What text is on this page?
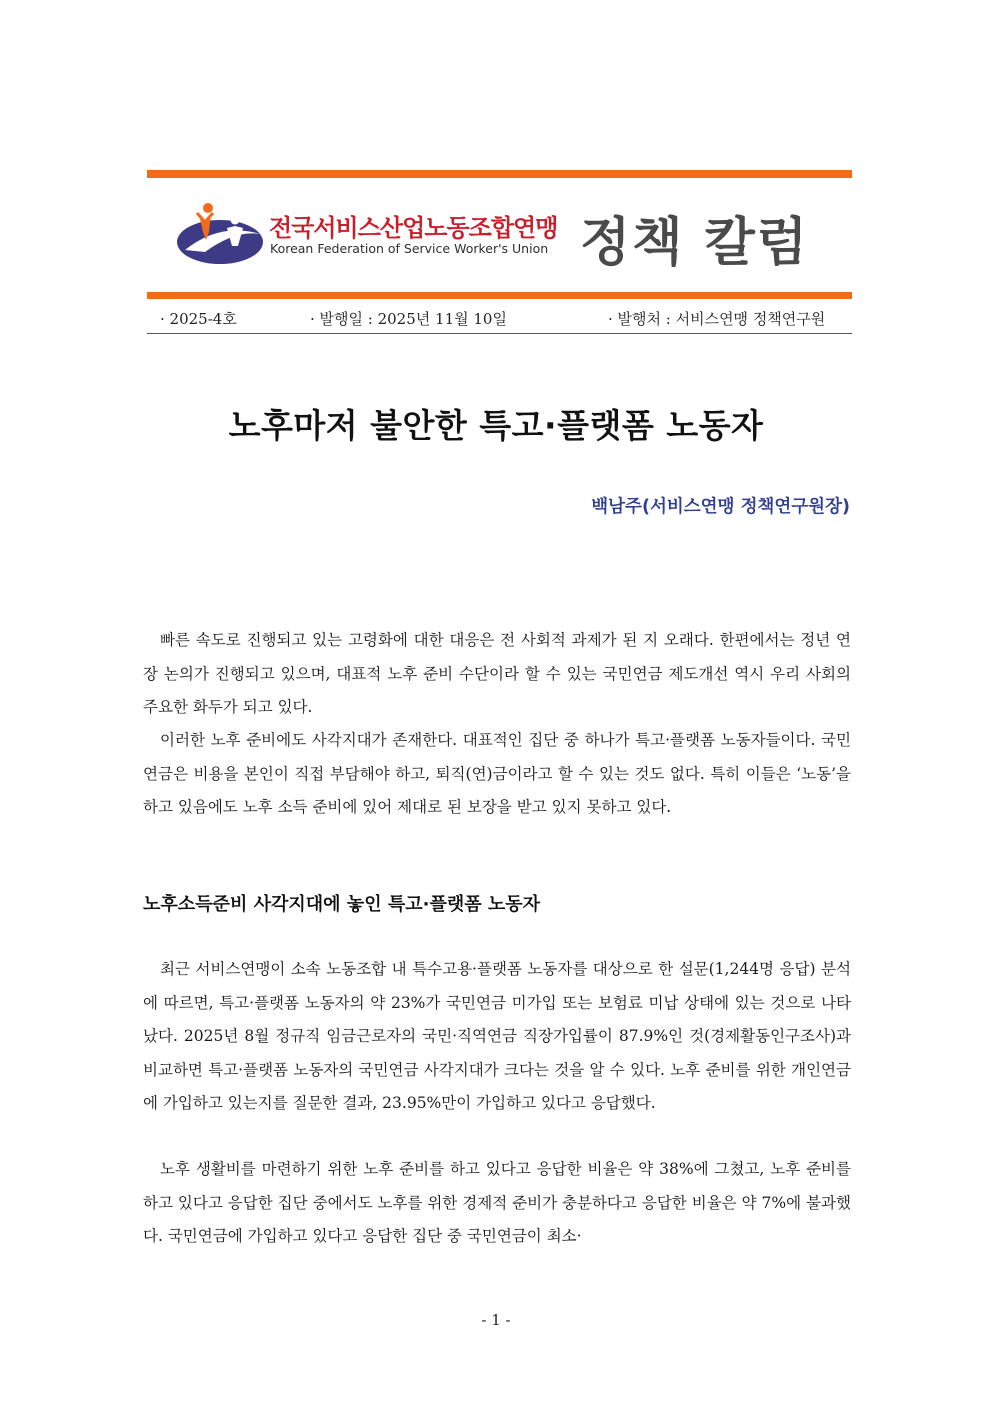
전국서비스산업노동조합연맹
Korean Federation of Service Worker's Union 정책 칼럼
· 2025-4호	· 발행일 : 2025년 11월 10일	· 발행처 : 서비스연맹 정책연구원
노후마저 불안한 특고·플랫폼 노동자
백남주(서비스연맹 정책연구원장)

빠른 속도로 진행되고 있는 고령화에 대한 대응은 전 사회적 과제가 된 지 오래다. 한편에서는 정년 연장 논의가 진행되고 있으며, 대표적 노후 준비 수단이라 할 수 있는 국민연금 제도개선 역시 우리 사회의 주요한 화두가 되고 있다.

이러한 노후 준비에도 사각지대가 존재한다. 대표적인 집단 중 하나가 특고·플랫폼 노동자들이다. 국민연금은 비용을 본인이 직접 부담해야 하고, 퇴직(연)금이라고 할 수 있는 것도 없다. 특히 이들은 ‘노동’을 하고 있음에도 노후 소득 준비에 있어 제대로 된 보장을 받고 있지 못하고 있다.

노후소득준비 사각지대에 놓인 특고·플랫폼 노동자

최근 서비스연맹이 소속 노동조합 내 특수고용·플랫폼 노동자를 대상으로 한 설문(1,244명 응답) 분석에 따르면, 특고·플랫폼 노동자의 약 23%가 국민연금 미가입 또는 보험료 미납 상태에 있는 것으로 나타났다. 2025년 8월 정규직 임금근로자의 국민·직역연금 직장가입률이 87.9%인 것(경제활동인구조사)과 비교하면 특고·플랫폼 노동자의 국민연금 사각지대가 크다는 것을 알 수 있다. 노후 준비를 위한 개인연금에 가입하고 있는지를 질문한 결과, 23.95%만이 가입하고 있다고 응답했다.

노후 생활비를 마련하기 위한 노후 준비를 하고 있다고 응답한 비율은 약 38%에 그쳤고, 노후 준비를 하고 있다고 응답한 집단 중에서도 노후를 위한 경제적 준비가 충분하다고 응답한 비율은 약 7%에 불과했다. 국민연금에 가입하고 있다고 응답한 집단 중 국민연금이 최소·

- 1 -
